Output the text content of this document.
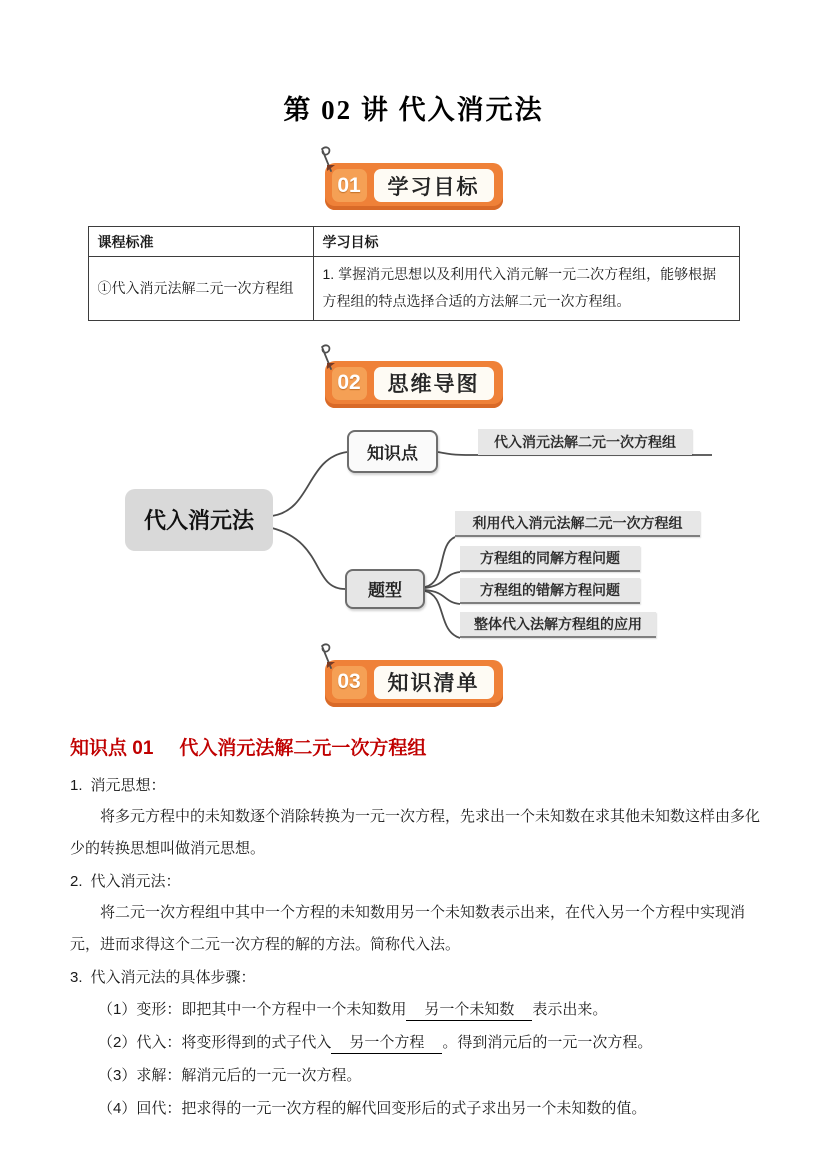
第 02 讲 代入消元法
01	学习目标
课程标准	学习目标
①代入消元法解二元一次方程组	1. 掌握消元思想以及利用代入消元解一元二次方程组，能够根据方程组的特点选择合适的方法解二元一次方程组。
02	思维导图
代入消元法
知识点
题型
代入消元法解二元一次方程组
利用代入消元法解二元一次方程组
方程组的同解方程问题
方程组的错解方程问题
整体代入法解方程组的应用
03	知识清单
知识点 01 代入消元法解二元一次方程组
1. 消元思想：
将多元方程中的未知数逐个消除转换为一元一次方程，先求出一个未知数在求其他未知数这样由多化少的转换思想叫做消元思想。
2. 代入消元法：
将二元一次方程组中其中一个方程的未知数用另一个未知数表示出来，在代入另一个方程中实现消元，进而求得这个二元一次方程的解的方法。简称代入法。
3. 代入消元法的具体步骤：
（1）变形：即把其中一个方程中一个未知数用 另一个未知数 表示出来。
（2）代入：将变形得到的式子代入 另一个方程 。得到消元后的一元一次方程。
（3）求解：解消元后的一元一次方程。
（4）回代：把求得的一元一次方程的解代回变形后的式子求出另一个未知数的值。
